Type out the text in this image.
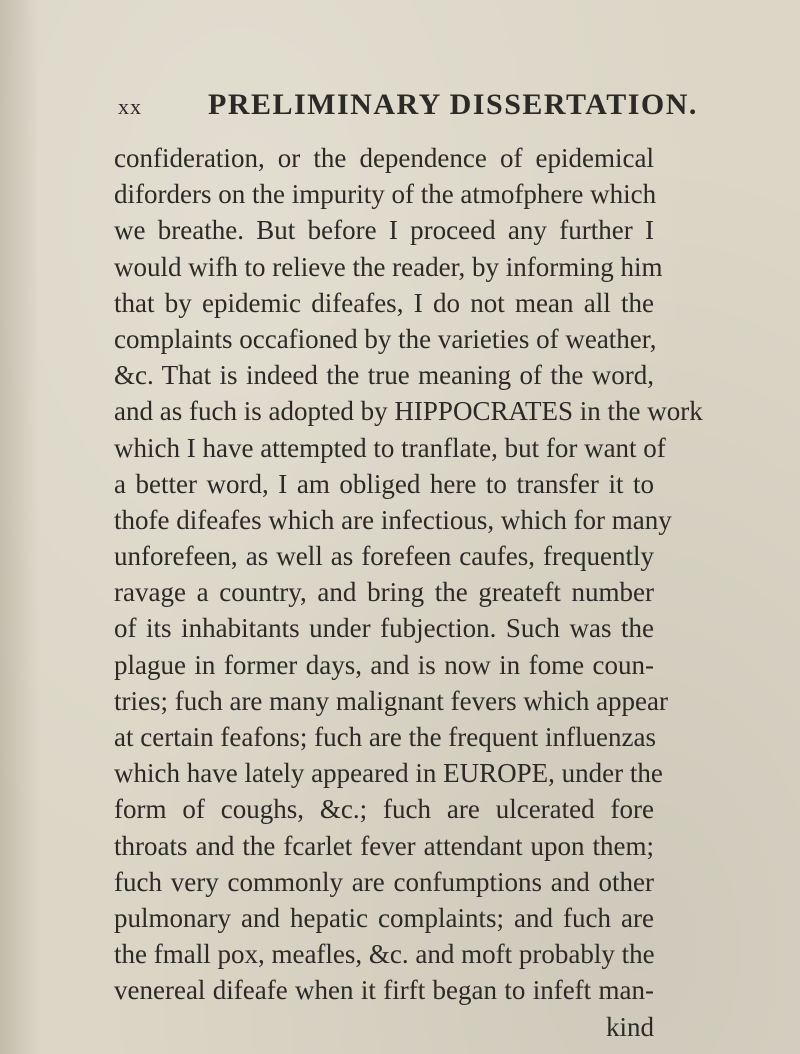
xx PRELIMINARY DISSERTATION.
confideration, or the dependence of epidemical
diforders on the impurity of the atmofphere which
we breathe. But before I proceed any further I
would wifh to relieve the reader, by informing him
that by epidemic difeafes, I do not mean all the
complaints occafioned by the varieties of weather,
&c. That is indeed the true meaning of the word,
and as fuch is adopted by HIPPOCRATES in the work
which I have attempted to tranflate, but for want of
a better word, I am obliged here to transfer it to
thofe difeafes which are infectious, which for many
unforefeen, as well as forefeen caufes, frequently
ravage a country, and bring the greateft number
of its inhabitants under fubjection. Such was the
plague in former days, and is now in fome coun-
tries; fuch are many malignant fevers which appear
at certain feafons; fuch are the frequent influenzas
which have lately appeared in EUROPE, under the
form of coughs, &c.; fuch are ulcerated fore
throats and the fcarlet fever attendant upon them;
fuch very commonly are confumptions and other
pulmonary and hepatic complaints; and fuch are
the fmall pox, meafles, &c. and moft probably the
venereal difeafe when it firft began to infeft man-
kind
